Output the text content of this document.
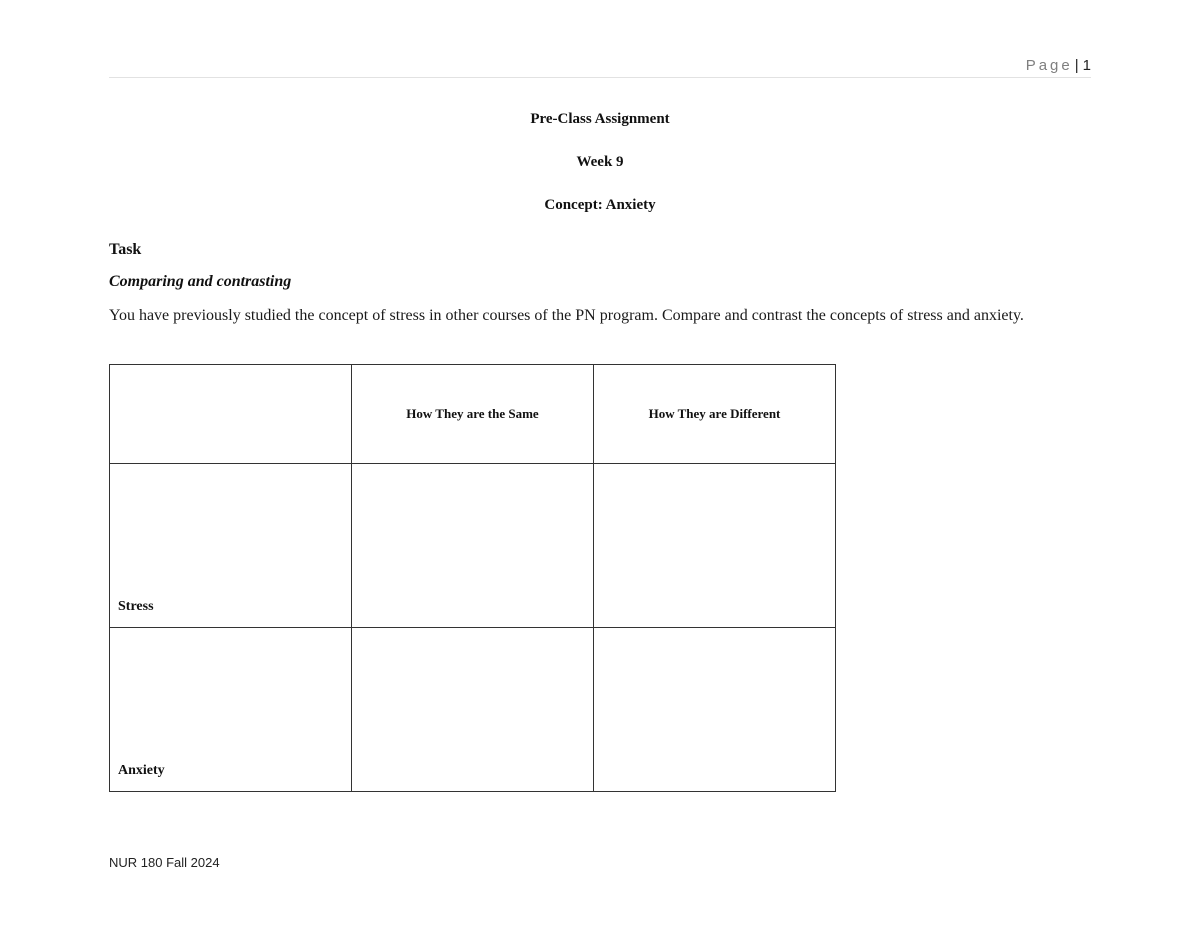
Page | 1
Pre-Class Assignment
Week 9
Concept: Anxiety
Task
Comparing and contrasting
You have previously studied the concept of stress in other courses of the PN program. Compare and contrast the concepts of stress and anxiety.
	How They are the Same	How They are Different

Stress		

Anxiety		

NUR 180 Fall 2024
